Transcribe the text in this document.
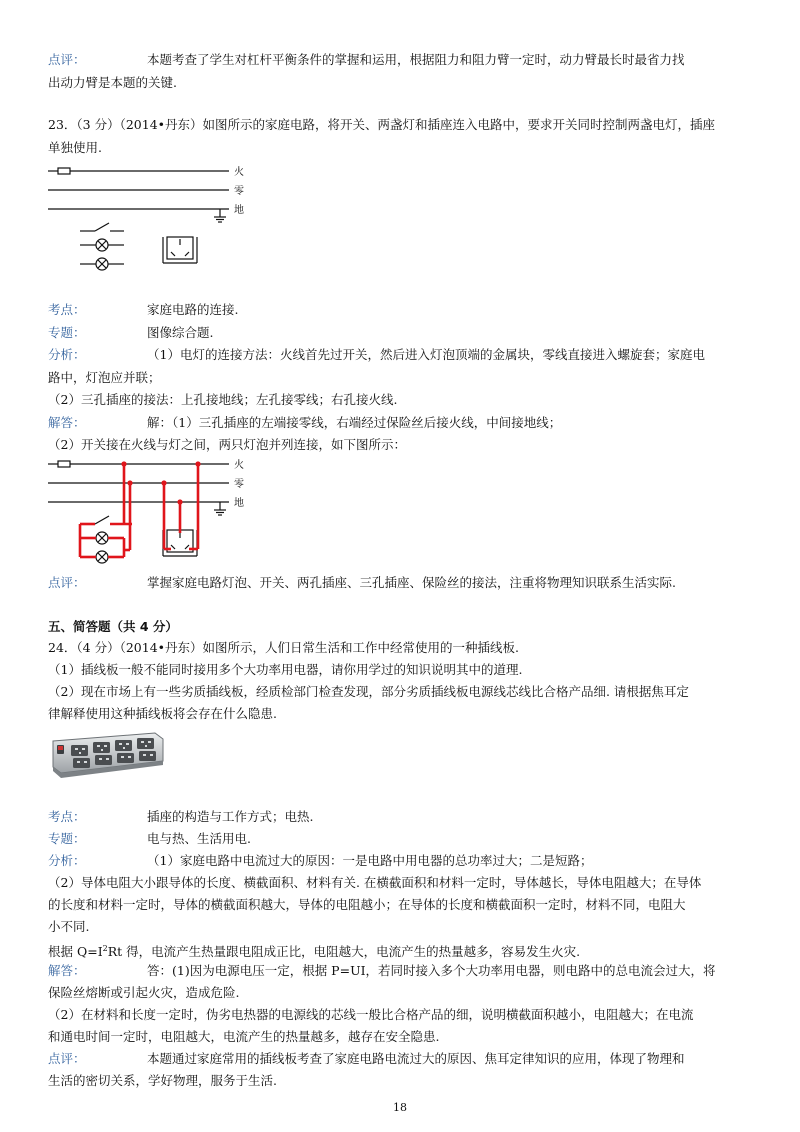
点评：	本题考查了学生对杠杆平衡条件的掌握和运用，根据阻力和阻力臂一定时，动力臂最长时最省力找
出动力臂是本题的关键.
23．（3 分）（2014•丹东）如图所示的家庭电路，将开关、两盏灯和插座连入电路中，要求开关同时控制两盏电灯，插座
单独使用.
火
零
地
考点：	家庭电路的连接.
专题：	图像综合题.
分析：	（1）电灯的连接方法：火线首先过开关，然后进入灯泡顶端的金属块，零线直接进入螺旋套；家庭电
路中，灯泡应并联；
（2）三孔插座的接法：上孔接地线；左孔接零线；右孔接火线.
解答：	解：（1）三孔插座的左端接零线，右端经过保险丝后接火线，中间接地线；
（2）开关接在火线与灯之间，两只灯泡并列连接，如下图所示：
火
零
地
点评：	掌握家庭电路灯泡、开关、两孔插座、三孔插座、保险丝的接法，注重将物理知识联系生活实际.
五、简答题（共 4 分）
24．（4 分）（2014•丹东）如图所示，人们日常生活和工作中经常使用的一种插线板.
（1）插线板一般不能同时接用多个大功率用电器，请你用学过的知识说明其中的道理.
（2）现在市场上有一些劣质插线板，经质检部门检查发现，部分劣质插线板电源线芯线比合格产品细. 请根据焦耳定
律解释使用这种插线板将会存在什么隐患.
考点：	插座的构造与工作方式；电热.
专题：	电与热、生活用电.
分析：	（1）家庭电路中电流过大的原因：一是电路中用电器的总功率过大；二是短路；
（2）导体电阻大小跟导体的长度、横截面积、材料有关. 在横截面积和材料一定时，导体越长，导体电阻越大；在导体
的长度和材料一定时，导体的横截面积越大，导体的电阻越小；在导体的长度和横截面积一定时，材料不同，电阻大
小不同.
根据 $Q=I^2Rt$ 得，电流产生热量跟电阻成正比，电阻越大，电流产生的热量越多，容易发生火灾.
解答：	答：(1)因为电源电压一定，根据 P=UI，若同时接入多个大功率用电器，则电路中的总电流会过大，将
保险丝熔断或引起火灾，造成危险.
（2）在材料和长度一定时，伪劣电热器的电源线的芯线一般比合格产品的细，说明横截面积越小，电阻越大；在电流
和通电时间一定时，电阻越大，电流产生的热量越多，越存在安全隐患.
点评：	本题通过家庭常用的插线板考查了家庭电路电流过大的原因、焦耳定律知识的应用，体现了物理和
生活的密切关系，学好物理，服务于生活.
18
